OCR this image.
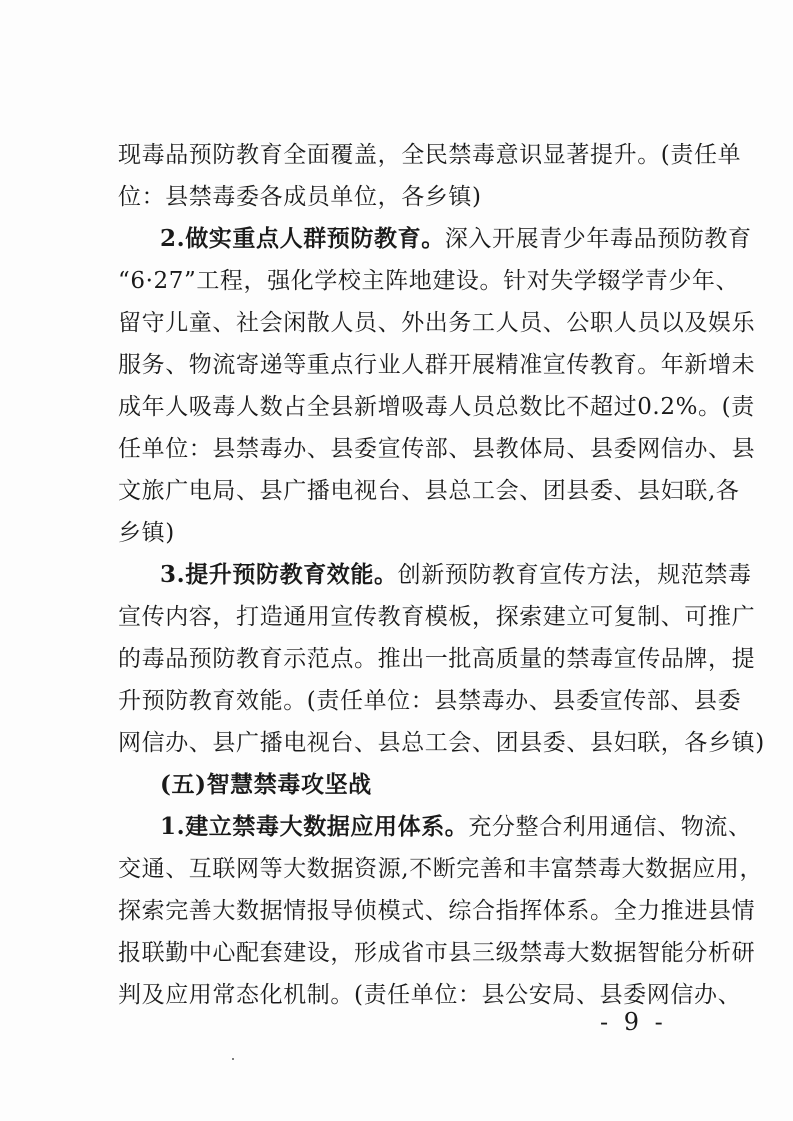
现毒品预防教育全面覆盖，全民禁毒意识显著提升。(责任单
位：县禁毒委各成员单位，各乡镇)
2.做实重点人群预防教育。深入开展青少年毒品预防教育
“6·27”工程，强化学校主阵地建设。针对失学辍学青少年、
留守儿童、社会闲散人员、外出务工人员、公职人员以及娱乐
服务、物流寄递等重点行业人群开展精准宣传教育。年新增未
成年人吸毒人数占全县新增吸毒人员总数比不超过0.2%。(责
任单位：县禁毒办、县委宣传部、县教体局、县委网信办、县
文旅广电局、县广播电视台、县总工会、团县委、县妇联,各
乡镇)
3.提升预防教育效能。创新预防教育宣传方法，规范禁毒
宣传内容，打造通用宣传教育模板，探索建立可复制、可推广
的毒品预防教育示范点。推出一批高质量的禁毒宣传品牌，提
升预防教育效能。(责任单位：县禁毒办、县委宣传部、县委
网信办、县广播电视台、县总工会、团县委、县妇联，各乡镇)
(五)智慧禁毒攻坚战
1.建立禁毒大数据应用体系。充分整合利用通信、物流、
交通、互联网等大数据资源,不断完善和丰富禁毒大数据应用，
探索完善大数据情报导侦模式、综合指挥体系。全力推进县情
报联勤中心配套建设，形成省市县三级禁毒大数据智能分析研
判及应用常态化机制。(责任单位：县公安局、县委网信办、
- 9 -
